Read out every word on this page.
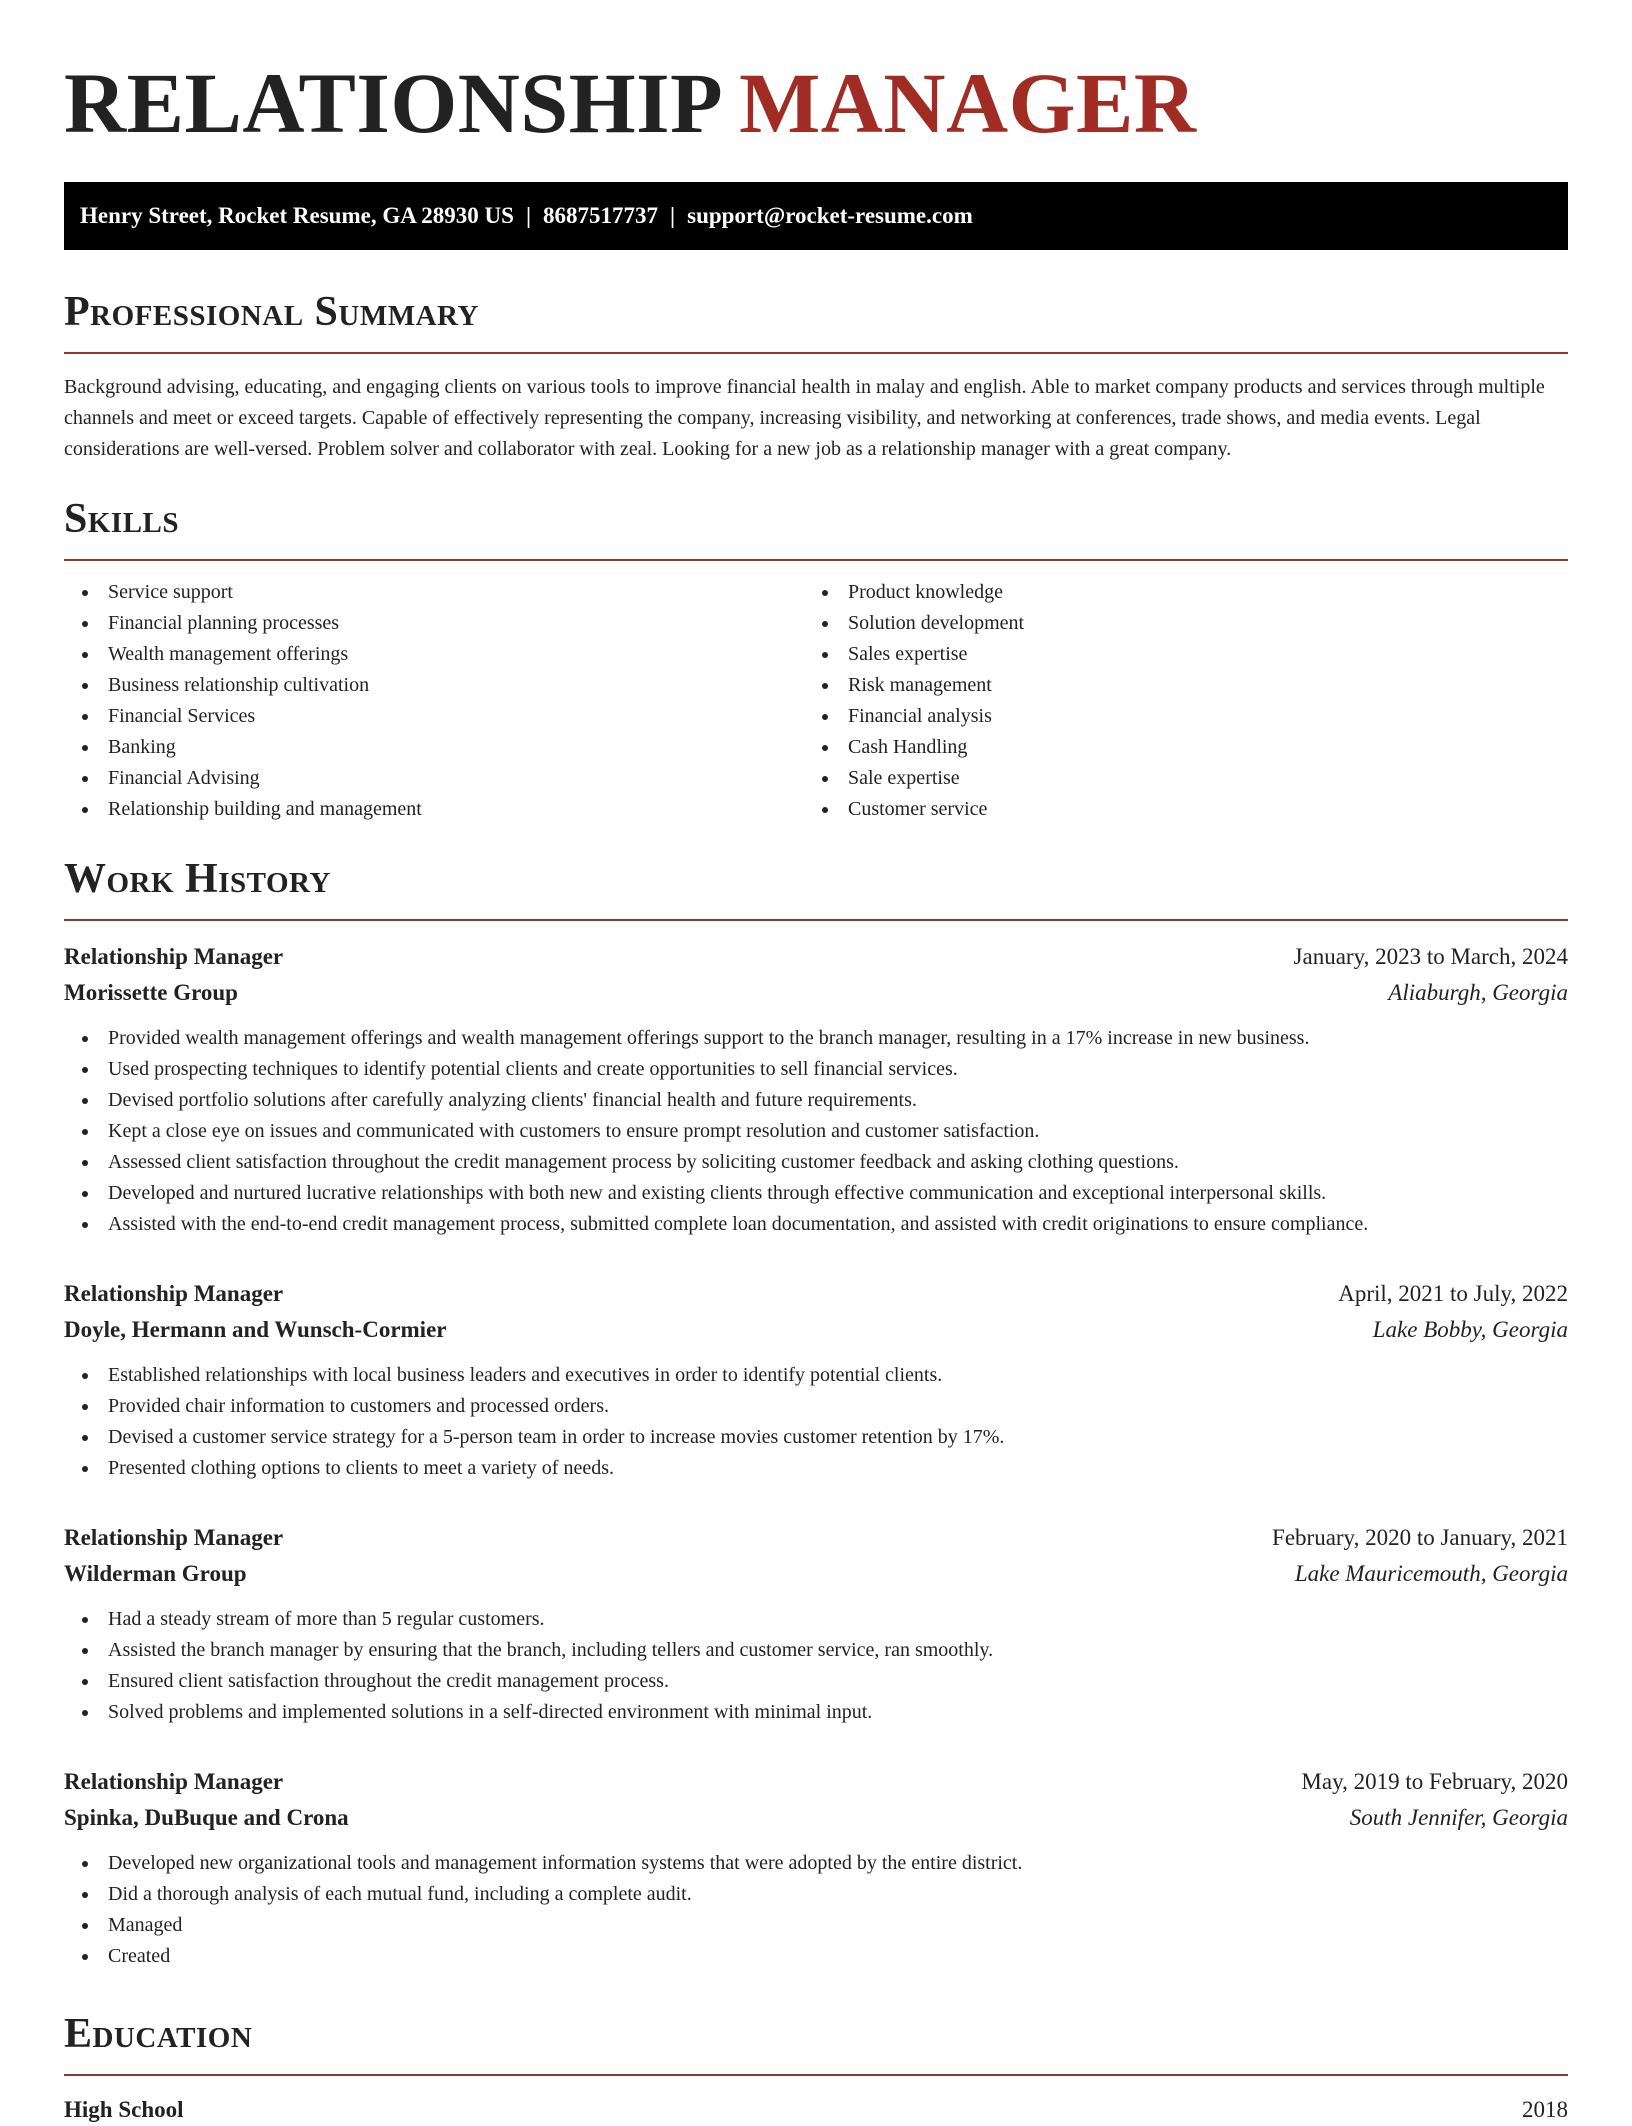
RELATIONSHIP MANAGER
Henry Street, Rocket Resume, GA 28930 US | 8687517737 | support@rocket-resume.com
Professional Summary

Background advising, educating, and engaging clients on various tools to improve financial health in malay and english. Able to market company products and services through multiple channels and meet or exceed targets. Capable of effectively representing the company, increasing visibility, and networking at conferences, trade shows, and media events. Legal considerations are well-versed. Problem solver and collaborator with zeal. Looking for a new job as a relationship manager with a great company.

Skills
Service support
Financial planning processes
Wealth management offerings
Business relationship cultivation
Financial Services
Banking
Financial Advising
Relationship building and management
Product knowledge
Solution development
Sales expertise
Risk management
Financial analysis
Cash Handling
Sale expertise
Customer service
Work History
Relationship Manager	January, 2023 to March, 2024
Morissette Group	Aliaburgh, Georgia
Provided wealth management offerings and wealth management offerings support to the branch manager, resulting in a 17% increase in new business.
Used prospecting techniques to identify potential clients and create opportunities to sell financial services.
Devised portfolio solutions after carefully analyzing clients' financial health and future requirements.
Kept a close eye on issues and communicated with customers to ensure prompt resolution and customer satisfaction.
Assessed client satisfaction throughout the credit management process by soliciting customer feedback and asking clothing questions.
Developed and nurtured lucrative relationships with both new and existing clients through effective communication and exceptional interpersonal skills.
Assisted with the end-to-end credit management process, submitted complete loan documentation, and assisted with credit originations to ensure compliance.
Relationship Manager	April, 2021 to July, 2022
Doyle, Hermann and Wunsch-Cormier	Lake Bobby, Georgia
Established relationships with local business leaders and executives in order to identify potential clients.
Provided chair information to customers and processed orders.
Devised a customer service strategy for a 5-person team in order to increase movies customer retention by 17%.
Presented clothing options to clients to meet a variety of needs.
Relationship Manager	February, 2020 to January, 2021
Wilderman Group	Lake Mauricemouth, Georgia
Had a steady stream of more than 5 regular customers.
Assisted the branch manager by ensuring that the branch, including tellers and customer service, ran smoothly.
Ensured client satisfaction throughout the credit management process.
Solved problems and implemented solutions in a self-directed environment with minimal input.
Relationship Manager	May, 2019 to February, 2020
Spinka, DuBuque and Crona	South Jennifer, Georgia
Developed new organizational tools and management information systems that were adopted by the entire district.
Did a thorough analysis of each mutual fund, including a complete audit.
Managed
Created
Education
High School	2018
